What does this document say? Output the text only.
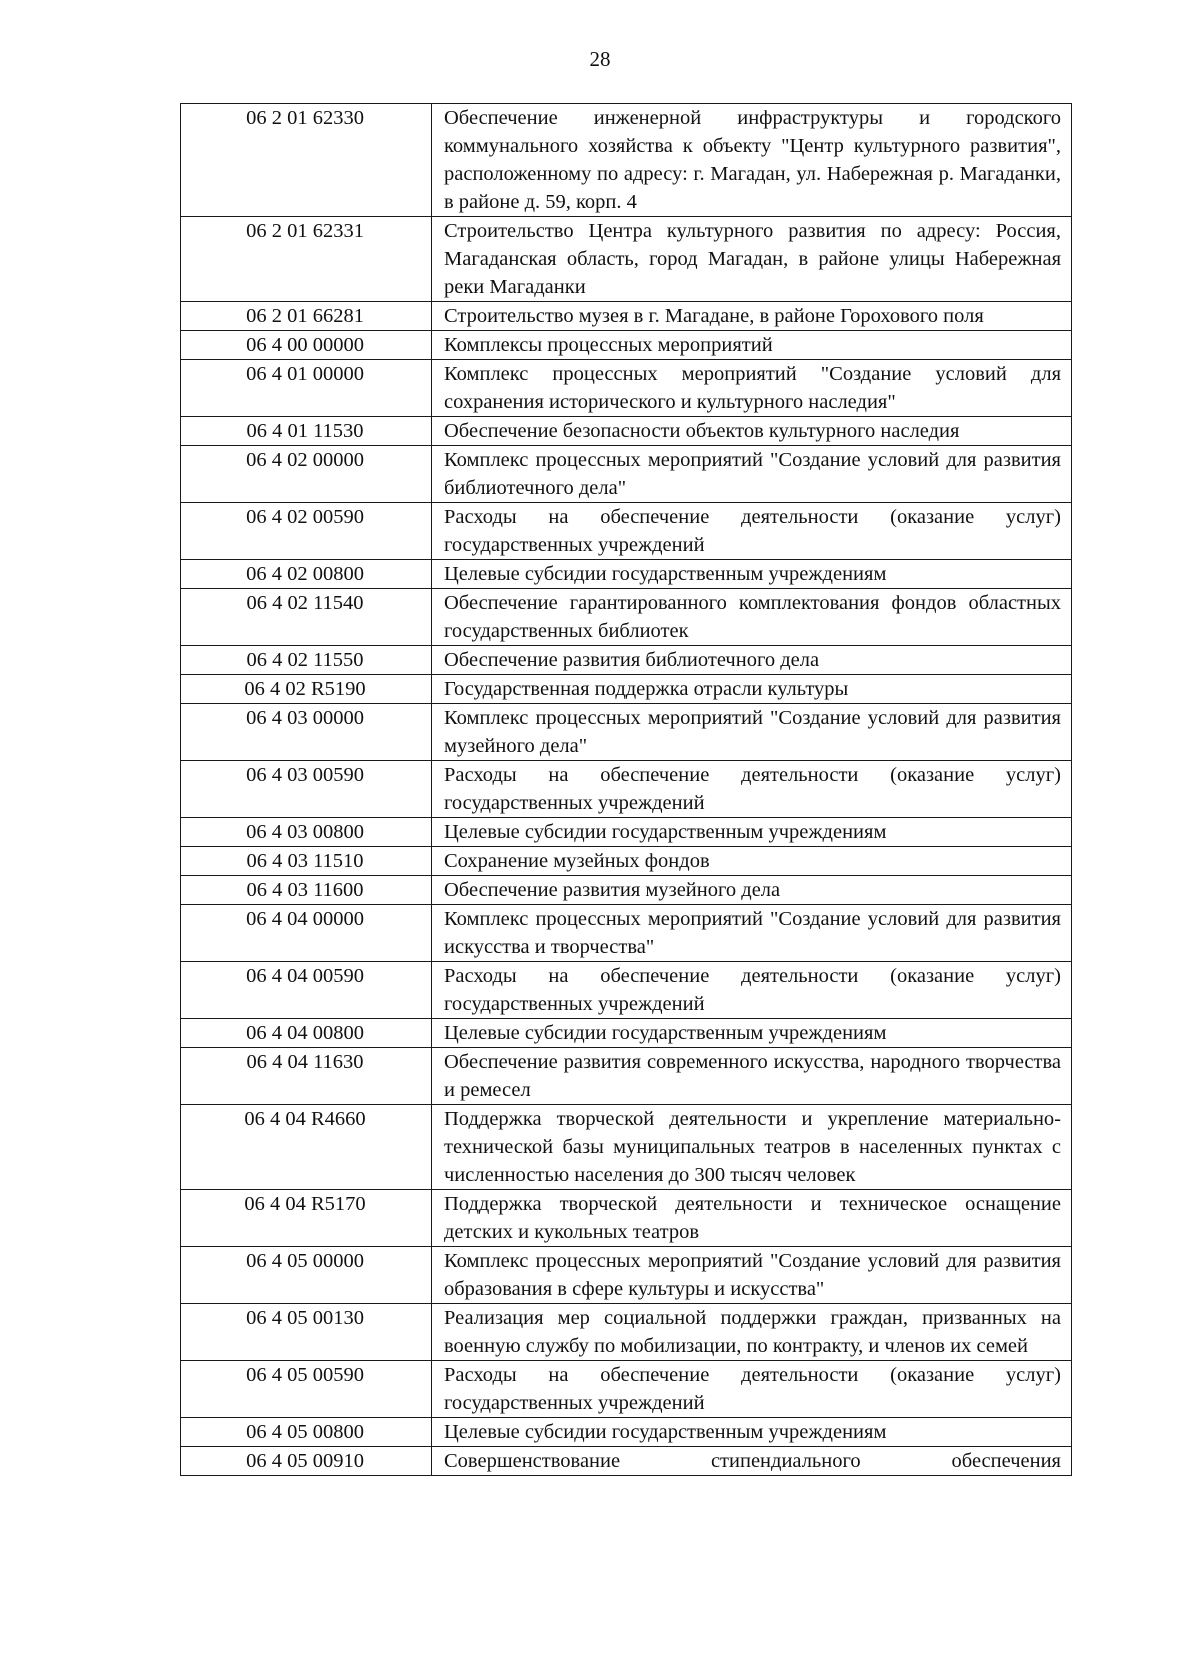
28
06 2 01 62330	Обеспечение инженерной инфраструктуры и городского коммунального хозяйства к объекту "Центр культурного развития", расположенному по адресу: г. Магадан, ул. Набережная р. Магаданки, в районе д. 59, корп. 4
06 2 01 62331	Строительство Центра культурного развития по адресу: Россия, Магаданская область, город Магадан, в районе улицы Набережная реки Магаданки
06 2 01 66281	Строительство музея в г. Магадане, в районе Горохового поля
06 4 00 00000	Комплексы процессных мероприятий
06 4 01 00000	Комплекс процессных мероприятий "Создание условий для сохранения исторического и культурного наследия"
06 4 01 11530	Обеспечение безопасности объектов культурного наследия
06 4 02 00000	Комплекс процессных мероприятий "Создание условий для развития библиотечного дела"
06 4 02 00590	Расходы на обеспечение деятельности (оказание услуг) государственных учреждений
06 4 02 00800	Целевые субсидии государственным учреждениям
06 4 02 11540	Обеспечение гарантированного комплектования фондов областных государственных библиотек
06 4 02 11550	Обеспечение развития библиотечного дела
06 4 02 R5190	Государственная поддержка отрасли культуры
06 4 03 00000	Комплекс процессных мероприятий "Создание условий для развития музейного дела"
06 4 03 00590	Расходы на обеспечение деятельности (оказание услуг) государственных учреждений
06 4 03 00800	Целевые субсидии государственным учреждениям
06 4 03 11510	Сохранение музейных фондов
06 4 03 11600	Обеспечение развития музейного дела
06 4 04 00000	Комплекс процессных мероприятий "Создание условий для развития искусства и творчества"
06 4 04 00590	Расходы на обеспечение деятельности (оказание услуг) государственных учреждений
06 4 04 00800	Целевые субсидии государственным учреждениям
06 4 04 11630	Обеспечение развития современного искусства, народного творчества и ремесел
06 4 04 R4660	Поддержка творческой деятельности и укрепление материально-технической базы муниципальных театров в населенных пунктах с численностью населения до 300 тысяч человек
06 4 04 R5170	Поддержка творческой деятельности и техническое оснащение детских и кукольных театров
06 4 05 00000	Комплекс процессных мероприятий "Создание условий для развития образования в сфере культуры и искусства"
06 4 05 00130	Реализация мер социальной поддержки граждан, призванных на военную службу по мобилизации, по контракту, и членов их семей
06 4 05 00590	Расходы на обеспечение деятельности (оказание услуг) государственных учреждений
06 4 05 00800	Целевые субсидии государственным учреждениям
06 4 05 00910	Совершенствование стипендиального обеспечения
